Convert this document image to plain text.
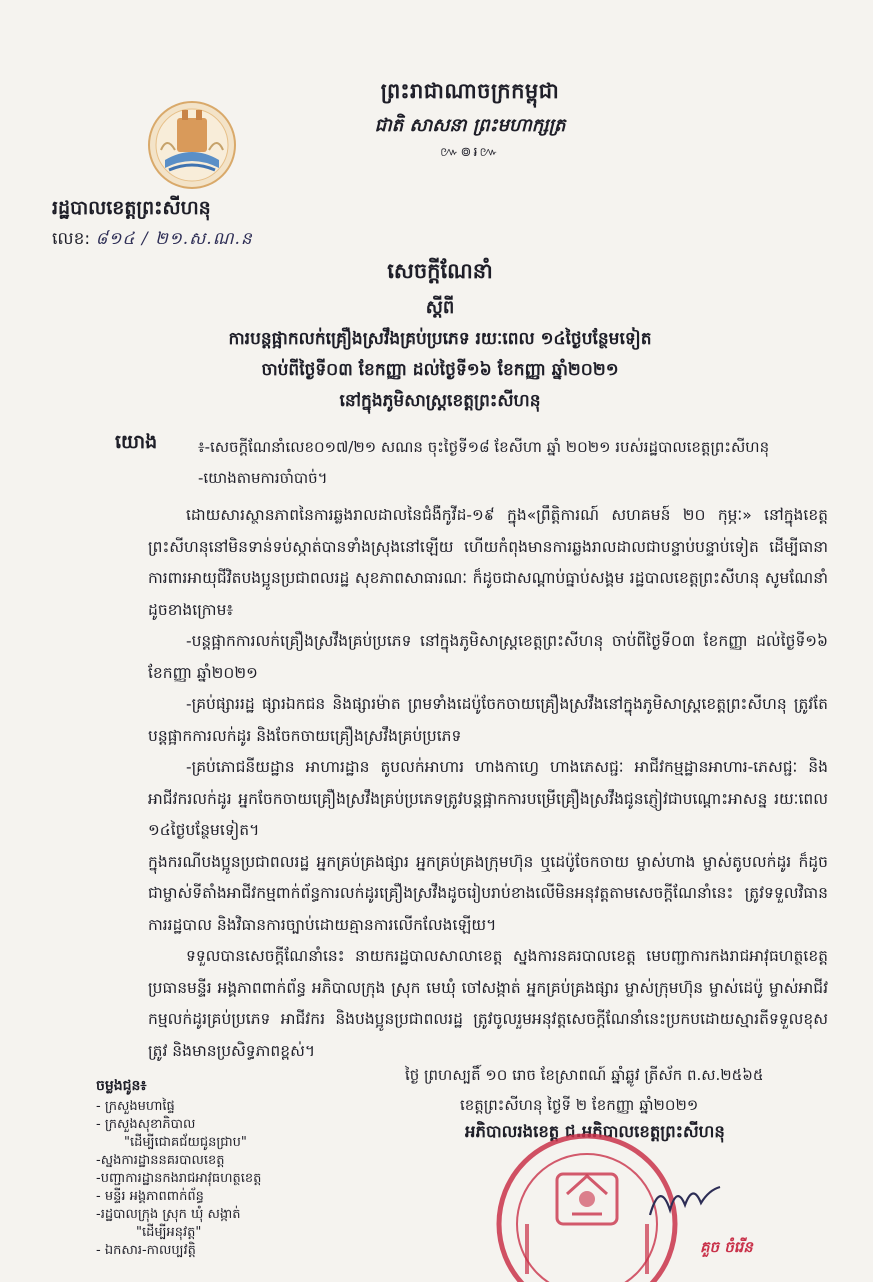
ព្រះរាជាណាចក្រកម្ពុជា
ជាតិ សាសនា ព្រះមហាក្សត្រ
៚៙៛៚
រដ្ឋបាលខេត្តព្រះសីហនុ
លេខ: ៨១៤ / ២១.ស.ណ.ន
សេចក្តីណែនាំ
ស្តីពី
ការបន្តផ្អាកលក់គ្រឿងស្រវឹងគ្រប់ប្រភេទ រយៈពេល ១៤ថ្ងៃបន្ថែមទៀត
ចាប់ពីថ្ងៃទី០៣ ខែកញ្ញា ដល់ថ្ងៃទី១៦ ខែកញ្ញា ឆ្នាំ២០២១
នៅក្នុងភូមិសាស្ត្រខេត្តព្រះសីហនុ
យោង	៖-សេចក្តីណែនាំលេខ០១៧/២១ សណន ចុះថ្ងៃទី១៨ ខែសីហា ឆ្នាំ ២០២១ របស់រដ្ឋបាលខេត្តព្រះសីហនុ
-យោងតាមការចាំបាច់។

ដោយសារស្ថានភាពនៃការឆ្លងរាលដាលនៃជំងឺកូវីដ-១៩ ក្នុង«ព្រឹត្តិការណ៍ សហគមន៍ ២០ កុម្ភៈ» នៅក្នុងខេត្តព្រះសីហនុនៅមិនទាន់ទប់ស្កាត់បានទាំងស្រុងនៅឡើយ ហើយកំពុងមានការឆ្លងរាលដាលជាបន្ទាប់បន្ទាប់ទៀត ដើម្បីធានាការពារអាយុជីវិតបងប្អូនប្រជាពលរដ្ឋ សុខភាពសាធារណៈ ក៏ដូចជាសណ្តាប់ធ្នាប់សង្គម រដ្ឋបាលខេត្តព្រះសីហនុ សូមណែនាំដូចខាងក្រោម៖

-បន្តផ្អាកការលក់គ្រឿងស្រវឹងគ្រប់ប្រភេទ នៅក្នុងភូមិសាស្ត្រខេត្តព្រះសីហនុ ចាប់ពីថ្ងៃទី០៣ ខែកញ្ញា ដល់ថ្ងៃទី១៦ ខែកញ្ញា ឆ្នាំ២០២១

-គ្រប់ផ្សាររដ្ឋ ផ្សារឯកជន និងផ្សារម៉ាត ព្រមទាំងដេប៉ូចែកចាយគ្រឿងស្រវឹងនៅក្នុងភូមិសាស្ត្រខេត្តព្រះសីហនុ ត្រូវតែបន្តផ្អាកការលក់ដូរ និងចែកចាយគ្រឿងស្រវឹងគ្រប់ប្រភេទ

-គ្រប់ភោជនីយដ្ឋាន អាហារដ្ឋាន តូបលក់អាហារ ហាងកាហ្វេ ហាងភេសជ្ជៈ អាជីវកម្មដ្ឋានអាហារ-ភេសជ្ជៈ និងអាជីវករលក់ដូរ អ្នកចែកចាយគ្រឿងស្រវឹងគ្រប់ប្រភេទត្រូវបន្តផ្អាកការបម្រើគ្រឿងស្រវឹងជូនភ្ញៀវជាបណ្តោះអាសន្ន រយៈពេល ១៤ថ្ងៃបន្ថែមទៀត។

ក្នុងករណីបងប្អូនប្រជាពលរដ្ឋ អ្នកគ្រប់គ្រងផ្សារ អ្នកគ្រប់គ្រងក្រុមហ៊ុន ឬដេប៉ូចែកចាយ ម្ចាស់ហាង ម្ចាស់តូបលក់ដូរ ក៏ដូចជាម្ចាស់ទីតាំងអាជីវកម្មពាក់ព័ន្ធការលក់ដូរគ្រឿងស្រវឹងដូចរៀបរាប់ខាងលើមិនអនុវត្តតាមសេចក្តីណែនាំនេះ ត្រូវទទួលវិធានការរដ្ឋបាល និងវិធានការច្បាប់ដោយគ្មានការលើកលែងឡើយ។

ទទួលបានសេចក្តីណែនាំនេះ នាយករដ្ឋបាលសាលាខេត្ត ស្នងការនគរបាលខេត្ត មេបញ្ជាការកងរាជអាវុធហត្ថខេត្ត ប្រធានមន្ទីរ អង្គភាពពាក់ព័ន្ធ អភិបាលក្រុង ស្រុក មេឃុំ ចៅសង្កាត់ អ្នកគ្រប់គ្រងផ្សារ ម្ចាស់ក្រុមហ៊ុន ម្ចាស់ដេប៉ូ ម្ចាស់អាជីវកម្មលក់ដូរគ្រប់ប្រភេទ អាជីវករ និងបងប្អូនប្រជាពលរដ្ឋ ត្រូវចូលរួមអនុវត្តសេចក្តីណែនាំនេះប្រកបដោយស្មារតីទទួលខុសត្រូវ និងមានប្រសិទ្ធភាពខ្ពស់។

ថ្ងៃ ព្រហស្បតិ៍ ១០ រោច ខែស្រាពណ៍ ឆ្នាំឆ្លូវ ត្រីស័ក ព.ស.២៥៦៥
ខេត្តព្រះសីហនុ ថ្ងៃទី ២ ខែកញ្ញា ឆ្នាំ២០២១
អភិបាលរងខេត្ត ជ.អភិបាលខេត្តព្រះសីហនុ
ចម្លងជូន៖
- ក្រសួងមហាផ្ទៃ
- ក្រសួងសុខាភិបាល
"ដើម្បីជោគជ័យជូនជ្រាប"
-ស្នងការដ្ឋាននគរបាលខេត្ត
-បញ្ជាការដ្ឋានកងរាជអាវុធហត្ថខេត្ត
- មន្ទីរ អង្គភាពពាក់ព័ន្ធ
-រដ្ឋបាលក្រុង ស្រុក ឃុំ សង្កាត់
"ដើម្បីអនុវត្ត"
- ឯកសារ-កាលប្បវត្តិ	គួច ចំរើន
